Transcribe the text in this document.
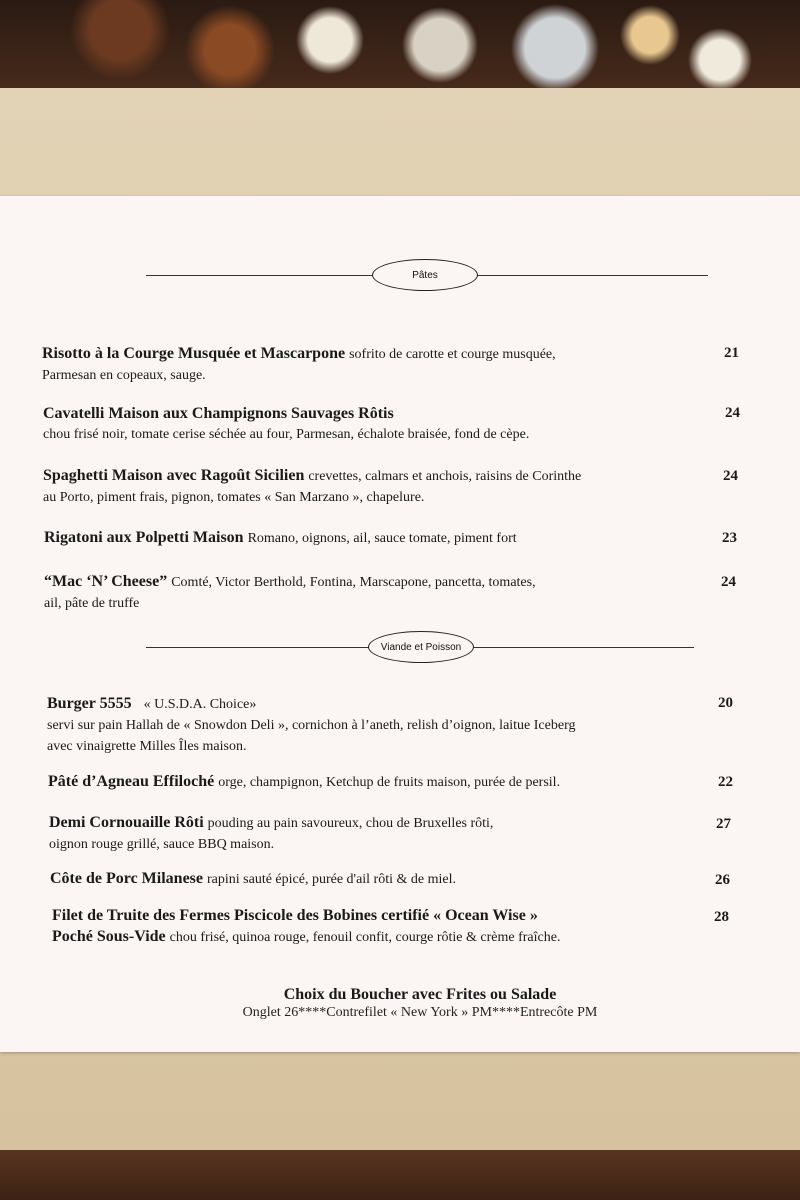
Pâtes
Risotto à la Courge Musquée et Mascarpone sofrito de carotte et courge musquée,
Parmesan en copeaux, sauge.
21
Cavatelli Maison aux Champignons Sauvages Rôtis
chou frisé noir, tomate cerise séchée au four, Parmesan, échalote braisée, fond de cèpe.
24
Spaghetti Maison avec Ragoût Sicilien crevettes, calmars et anchois, raisins de Corinthe
au Porto, piment frais, pignon, tomates « San Marzano », chapelure.
24
Rigatoni aux Polpetti Maison Romano, oignons, ail, sauce tomate, piment fort	23
“Mac ‘N’ Cheese” Comté, Victor Berthold, Fontina, Marscapone, pancetta, tomates,
ail, pâte de truffe
24
Viande et Poisson
Burger 5555 « U.S.D.A. Choice»
servi sur pain Hallah de « Snowdon Deli », cornichon à l’aneth, relish d’oignon, laitue Iceberg
avec vinaigrette Milles Îles maison.
20
Pâté d’Agneau Effiloché orge, champignon, Ketchup de fruits maison, purée de persil.	22
Demi Cornouaille Rôti pouding au pain savoureux, chou de Bruxelles rôti,
oignon rouge grillé, sauce BBQ maison.
27
Côte de Porc Milanese rapini sauté épicé, purée d'ail rôti & de miel.	26
Filet de Truite des Fermes Piscicole des Bobines certifié « Ocean Wise »
Poché Sous-Vide chou frisé, quinoa rouge, fenouil confit, courge rôtie & crème fraîche.
28
Choix du Boucher avec Frites ou Salade
Onglet 26****Contrefilet « New York » PM****Entrecôte PM
